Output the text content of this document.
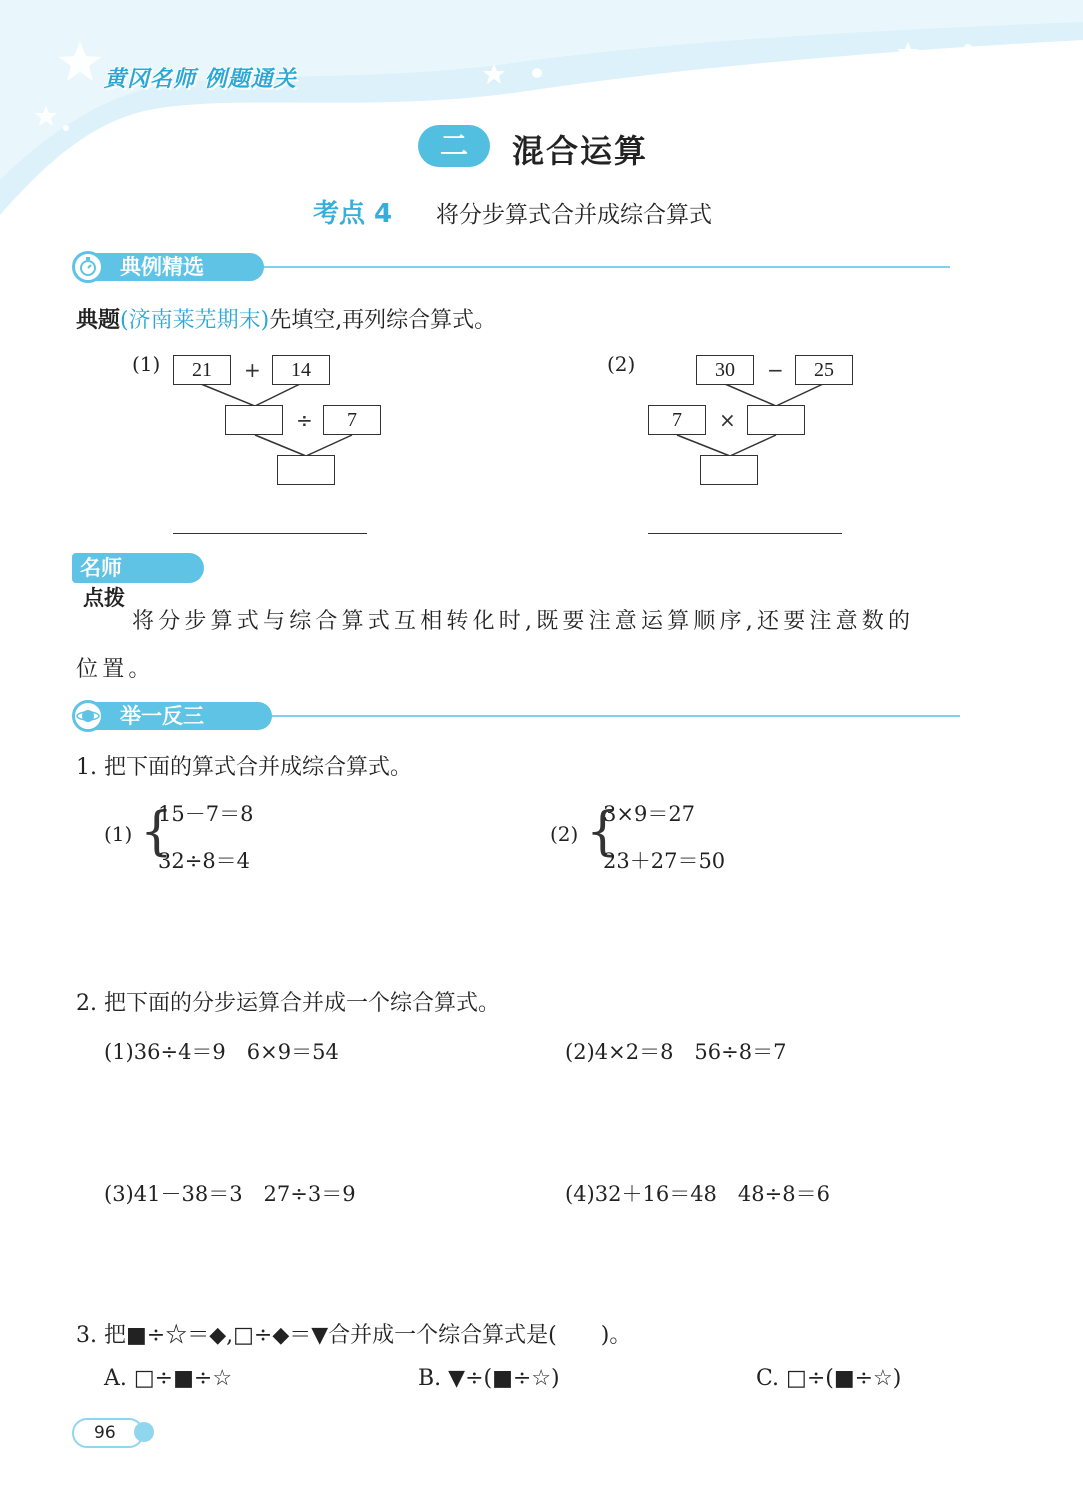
黄冈名师 例题通关
二	混合运算
考点 4 将分步算式合并成综合算式
典例精选
典题(济南莱芜期末)先填空,再列综合算式。
(1)	21	+	14
÷	7
(2)	30	−	25
7	×
名师点拨
将分步算式与综合算式互相转化时,既要注意运算顺序,还要注意数的
位置。
举一反三
1. 把下面的算式合并成综合算式。
(1) {
15－7＝8
32÷8＝4
(2) {
3×9＝27
23＋27＝50
2. 把下面的分步运算合并成一个综合算式。
(1)36÷4＝9　6×9＝54	(2)4×2＝8　56÷8＝7
(3)41－38＝3　27÷3＝9	(4)32＋16＝48　48÷8＝6
3. 把■÷☆＝◆,□÷◆＝▼合并成一个综合算式是(　　)。
A. □÷■÷☆	B. ▼÷(■÷☆)	C. □÷(■÷☆)
96
